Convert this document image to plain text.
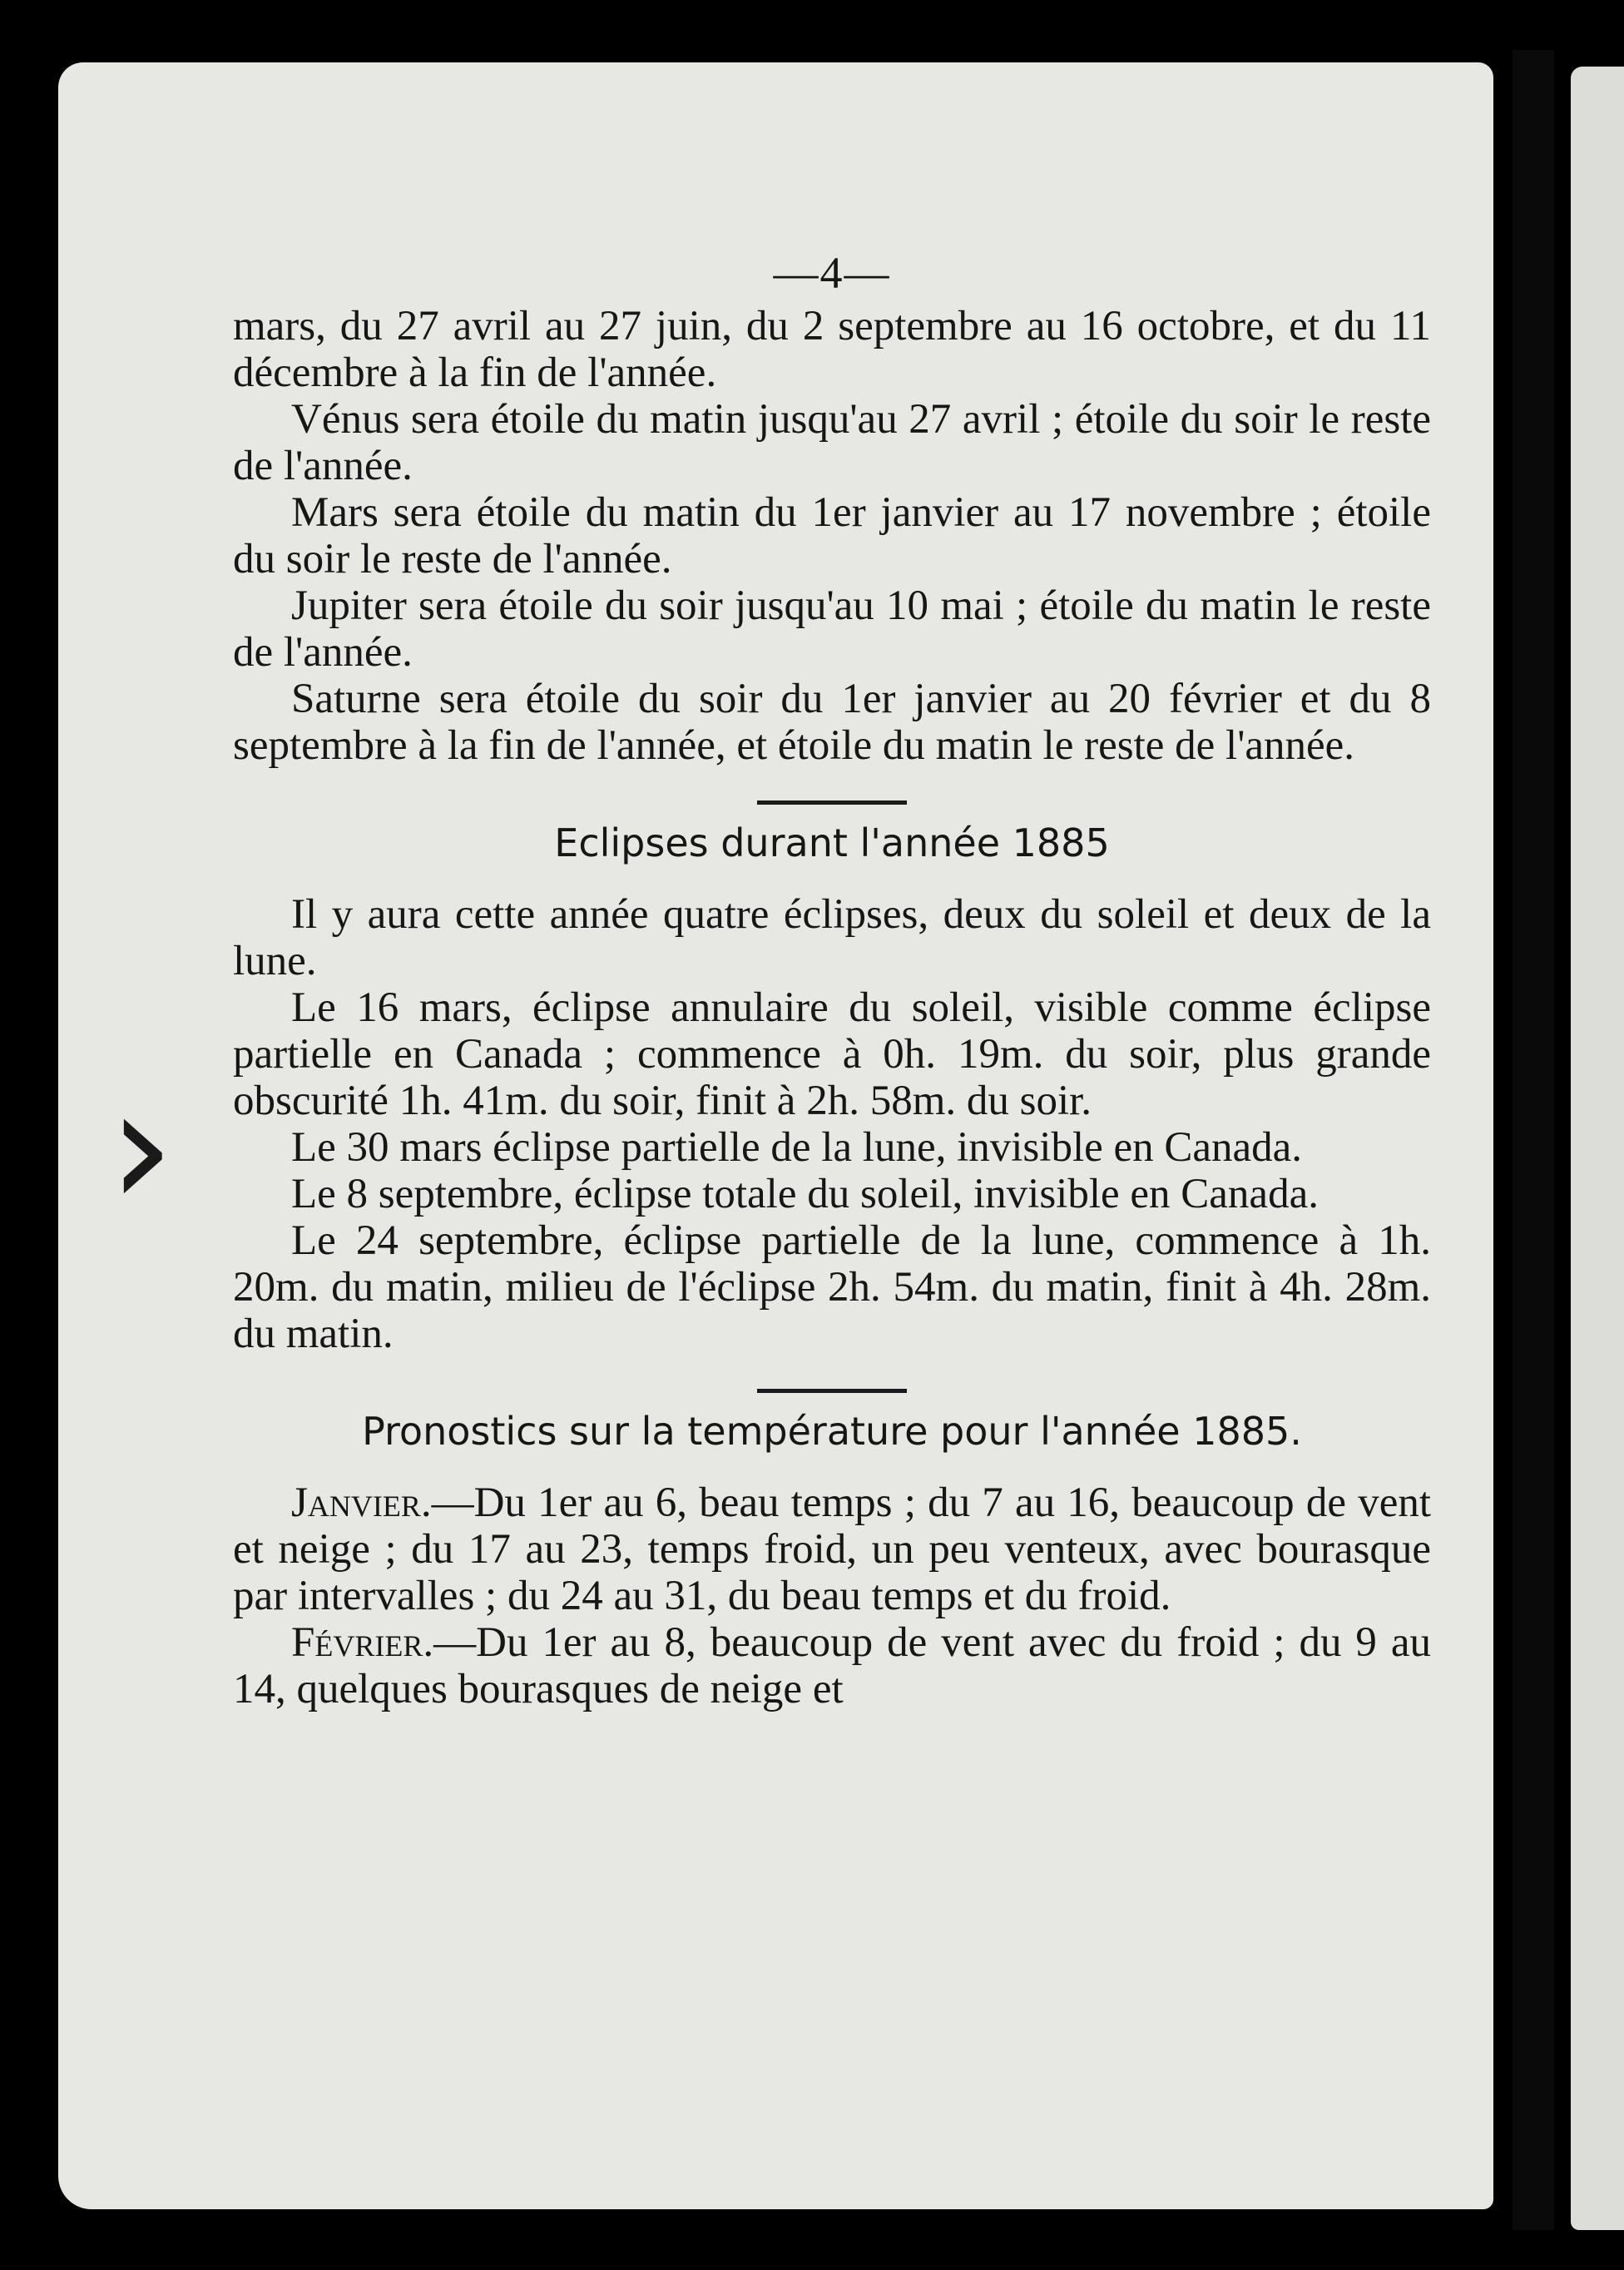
›
—4—

mars, du 27 avril au 27 juin, du 2 septembre au 16 octobre, et du 11 décembre à la fin de l'année.

Vénus sera étoile du matin jusqu'au 27 avril ; étoile du soir le reste de l'année.

Mars sera étoile du matin du 1er janvier au 17 novembre ; étoile du soir le reste de l'année.

Jupiter sera étoile du soir jusqu'au 10 mai ; étoile du matin le reste de l'année.

Saturne sera étoile du soir du 1er janvier au 20 février et du 8 septembre à la fin de l'année, et étoile du matin le reste de l'année.

Eclipses durant l'année 1885

Il y aura cette année quatre éclipses, deux du soleil et deux de la lune.

Le 16 mars, éclipse annulaire du soleil, visible comme éclipse partielle en Canada ; commence à 0h. 19m. du soir, plus grande obscurité 1h. 41m. du soir, finit à 2h. 58m. du soir.

Le 30 mars éclipse partielle de la lune, invisible en Canada.

Le 8 septembre, éclipse totale du soleil, invisible en Canada.

Le 24 septembre, éclipse partielle de la lune, commence à 1h. 20m. du matin, milieu de l'éclipse 2h. 54m. du matin, finit à 4h. 28m. du matin.

Pronostics sur la température pour l'année 1885.

Janvier.—Du 1er au 6, beau temps ; du 7 au 16, beaucoup de vent et neige ; du 17 au 23, temps froid, un peu venteux, avec bourasque par intervalles ; du 24 au 31, du beau temps et du froid.

Février.—Du 1er au 8, beaucoup de vent avec du froid ; du 9 au 14, quelques bourasques de neige et
